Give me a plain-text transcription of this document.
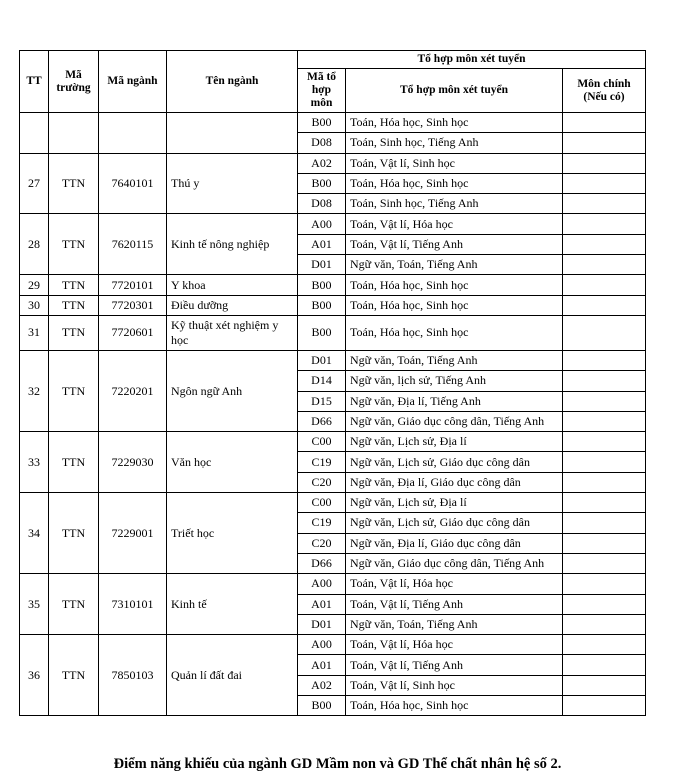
TT	Mã trường	Mã ngành	Tên ngành	Tổ hợp môn xét tuyển		
				Mã tổ hợp môn	Tổ hợp môn xét tuyển	Môn chính (Nếu có)
				B00	Toán, Hóa học, Sinh học	
				D08	Toán, Sinh học, Tiếng Anh	
27	TTN	7640101	Thú y	A02	Toán, Vật lí, Sinh học	
				B00	Toán, Hóa học, Sinh học	
				D08	Toán, Sinh học, Tiếng Anh	
28	TTN	7620115	Kinh tế nông nghiệp	A00	Toán, Vật lí, Hóa học	
				A01	Toán, Vật lí, Tiếng Anh	
				D01	Ngữ văn, Toán, Tiếng Anh	
29	TTN	7720101	Y khoa	B00	Toán, Hóa học, Sinh học	
30	TTN	7720301	Điều dưỡng	B00	Toán, Hóa học, Sinh học	
31	TTN	7720601	Kỹ thuật xét nghiệm y học	B00	Toán, Hóa học, Sinh học	
32	TTN	7220201	Ngôn ngữ Anh	D01	Ngữ văn, Toán, Tiếng Anh	
				D14	Ngữ văn, lịch sử, Tiếng Anh	
				D15	Ngữ văn, Địa lí, Tiếng Anh	
				D66	Ngữ văn, Giáo dục công dân, Tiếng Anh	
33	TTN	7229030	Văn học	C00	Ngữ văn, Lịch sử, Địa lí	
				C19	Ngữ văn, Lịch sử, Giáo dục công dân	
				C20	Ngữ văn, Địa lí, Giáo dục công dân	
34	TTN	7229001	Triết học	C00	Ngữ văn, Lịch sử, Địa lí	
				C19	Ngữ văn, Lịch sử, Giáo dục công dân	
				C20	Ngữ văn, Địa lí, Giáo dục công dân	
				D66	Ngữ văn, Giáo dục công dân, Tiếng Anh	
35	TTN	7310101	Kinh tế	A00	Toán, Vật lí, Hóa học	
				A01	Toán, Vật lí, Tiếng Anh	
				D01	Ngữ văn, Toán, Tiếng Anh	
36	TTN	7850103	Quản lí đất đai	A00	Toán, Vật lí, Hóa học	
				A01	Toán, Vật lí, Tiếng Anh	
				A02	Toán, Vật lí, Sinh học	
				B00	Toán, Hóa học, Sinh học	
Điểm năng khiếu của ngành GD Mầm non và GD Thể chất nhân hệ số 2.
